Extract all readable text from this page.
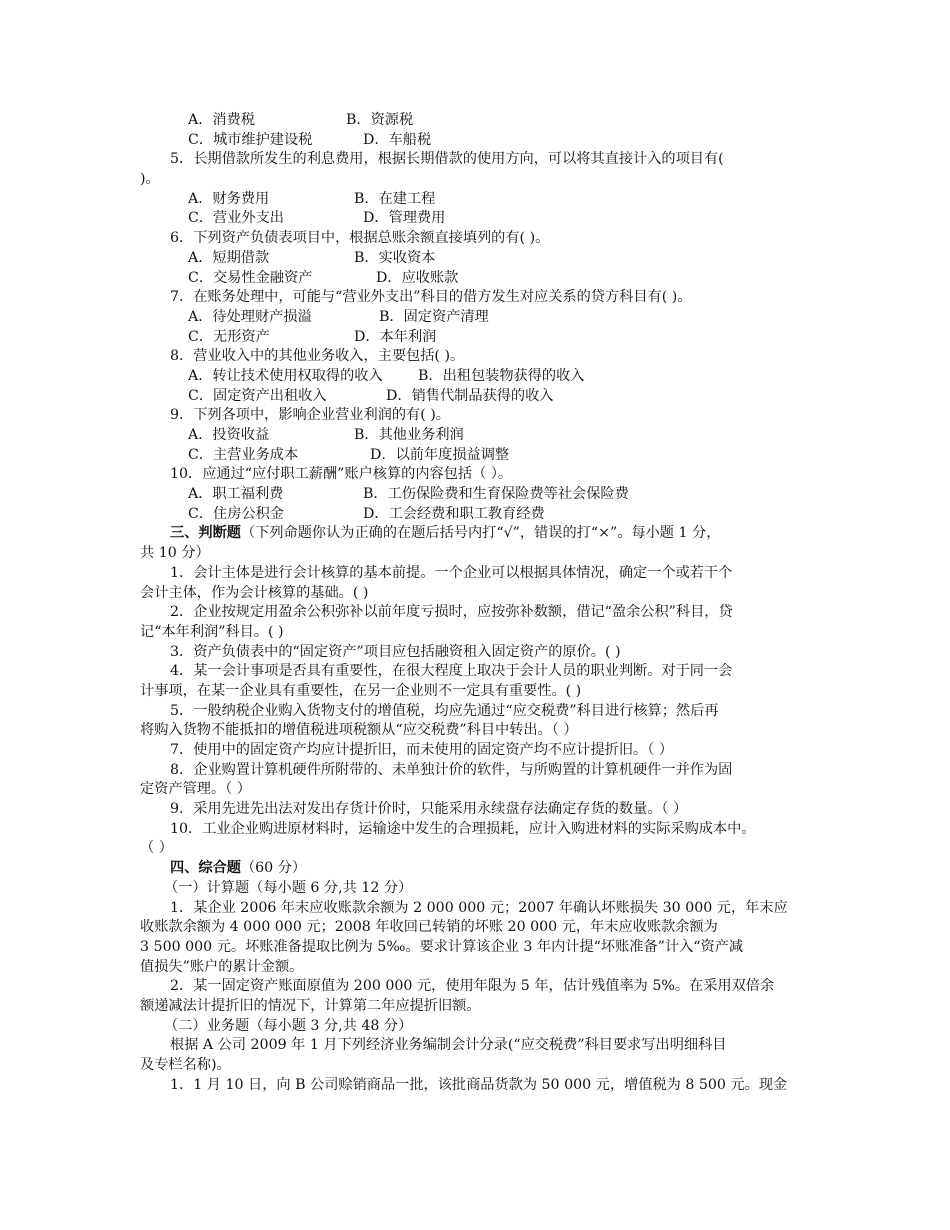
A．消费税	B．资源税
C．城市维护建设税	D．车船税
5．长期借款所发生的利息费用，根据长期借款的使用方向，可以将其直接计入的项目有(
)。
A．财务费用	B．在建工程
C．营业外支出	D．管理费用
6．下列资产负债表项目中，根据总账余额直接填列的有( )。
A．短期借款	B．实收资本
C．交易性金融资产	D．应收账款
7．在账务处理中，可能与“营业外支出”科目的借方发生对应关系的贷方科目有( )。
A．待处理财产损溢	B．固定资产清理
C．无形资产	D．本年利润
8．营业收入中的其他业务收入，主要包括( )。
A．转让技术使用权取得的收入	B．出租包装物获得的收入
C．固定资产出租收入	D．销售代制品获得的收入
9．下列各项中，影响企业营业利润的有( )。
A．投资收益	B．其他业务利润
C．主营业务成本	D．以前年度损益调整
10．应通过“应付职工薪酬”账户核算的内容包括（ ）。
A．职工福利费	B．工伤保险费和生育保险费等社会保险费
C．住房公积金	D．工会经费和职工教育经费
三、判断题（下列命题你认为正确的在题后括号内打“√”，错误的打“×”。每小题 1 分，
共 10 分）
1．会计主体是进行会计核算的基本前提。一个企业可以根据具体情况，确定一个或若干个
会计主体，作为会计核算的基础。( )
2．企业按规定用盈余公积弥补以前年度亏损时，应按弥补数额，借记“盈余公积”科目，贷
记“本年利润”科目。( )
3．资产负债表中的“固定资产”项目应包括融资租入固定资产的原价。( )
4．某一会计事项是否具有重要性，在很大程度上取决于会计人员的职业判断。对于同一会
计事项，在某一企业具有重要性，在另一企业则不一定具有重要性。( )
5．一般纳税企业购入货物支付的增值税，均应先通过“应交税费”科目进行核算；然后再
将购入货物不能抵扣的增值税进项税额从“应交税费”科目中转出。（ ）
7．使用中的固定资产均应计提折旧，而未使用的固定资产均不应计提折旧。（ ）
8．企业购置计算机硬件所附带的、未单独计价的软件，与所购置的计算机硬件一并作为固
定资产管理。（ ）
9．采用先进先出法对发出存货计价时，只能采用永续盘存法确定存货的数量。（ ）
10．工业企业购进原材料时，运输途中发生的合理损耗，应计入购进材料的实际采购成本中。
（ ）
四、综合题（60 分）
（一）计算题（每小题 6 分,共 12 分）
1．某企业 2006 年末应收账款余额为 2 000 000 元；2007 年确认坏账损失 30 000 元，年末应
收账款余额为 4 000 000 元；2008 年收回已转销的坏账 20 000 元，年末应收账款余额为
3 500 000 元。坏账准备提取比例为 5‰。要求计算该企业 3 年内计提“坏账准备”计入“资产减
值损失”账户的累计金额。
2．某一固定资产账面原值为 200 000 元，使用年限为 5 年，估计残值率为 5%。在采用双倍余
额递减法计提折旧的情况下，计算第二年应提折旧额。
（二）业务题（每小题 3 分,共 48 分）
根据 A 公司 2009 年 1 月下列经济业务编制会计分录(“应交税费”科目要求写出明细科目
及专栏名称)。
1．1 月 10 日，向 B 公司赊销商品一批，该批商品货款为 50 000 元，增值税为 8 500 元。现金
